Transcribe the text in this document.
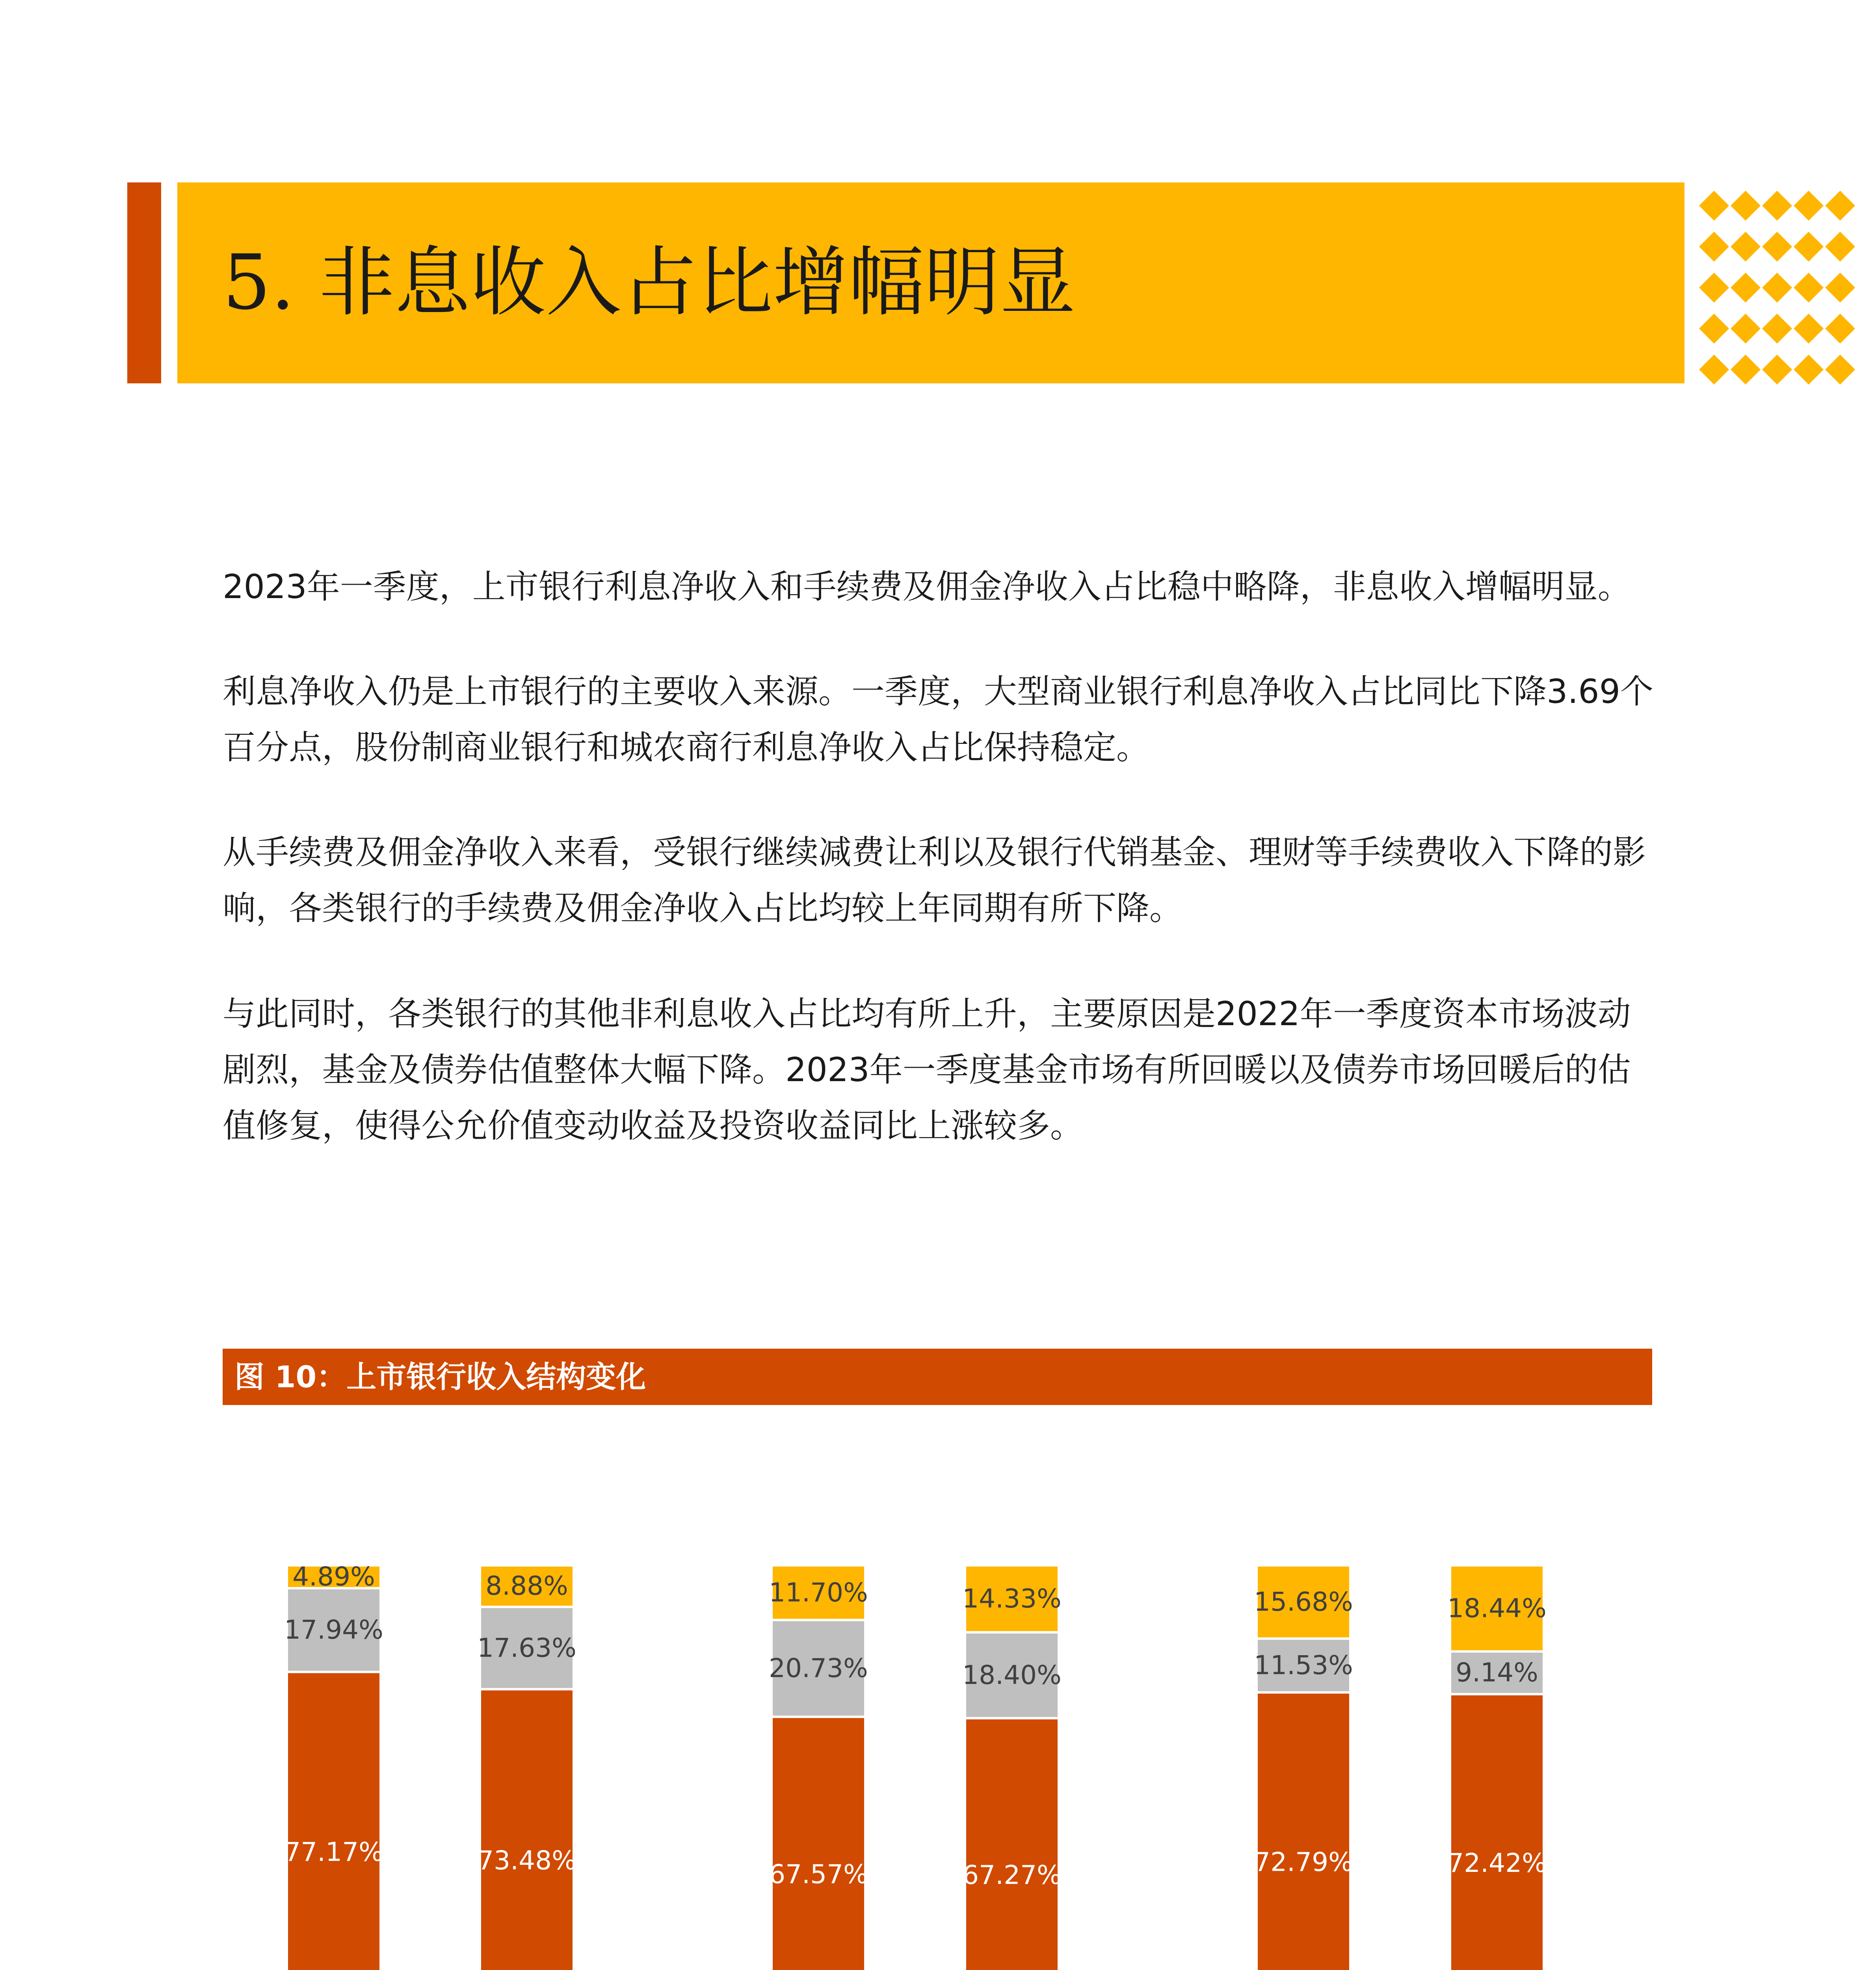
5. 非息收入占比增幅明显

2023年一季度，上市银行利息净收入和手续费及佣金净收入占比稳中略降，非息收入增幅明显。

利息净收入仍是上市银行的主要收入来源。一季度，大型商业银行利息净收入占比同比下降3.69个百分点，股份制商业银行和城农商行利息净收入占比保持稳定。

从手续费及佣金净收入来看，受银行继续减费让利以及银行代销基金、理财等手续费收入下降的影响，各类银行的手续费及佣金净收入占比均较上年同期有所下降。

与此同时，各类银行的其他非利息收入占比均有所上升，主要原因是2022年一季度资本市场波动剧烈，基金及债券估值整体大幅下降。2023年一季度基金市场有所回暖以及债券市场回暖后的估值修复，使得公允价值变动收益及投资收益同比上涨较多。

图 10：上市银行收入结构变化
77.17%
17.94%
4.89%
73.48%
17.63%
8.88%
67.57%
20.73%
11.70%
67.27%
18.40%
14.33%
72.79%
11.53%
15.68%
72.42%
9.14%
18.44%
